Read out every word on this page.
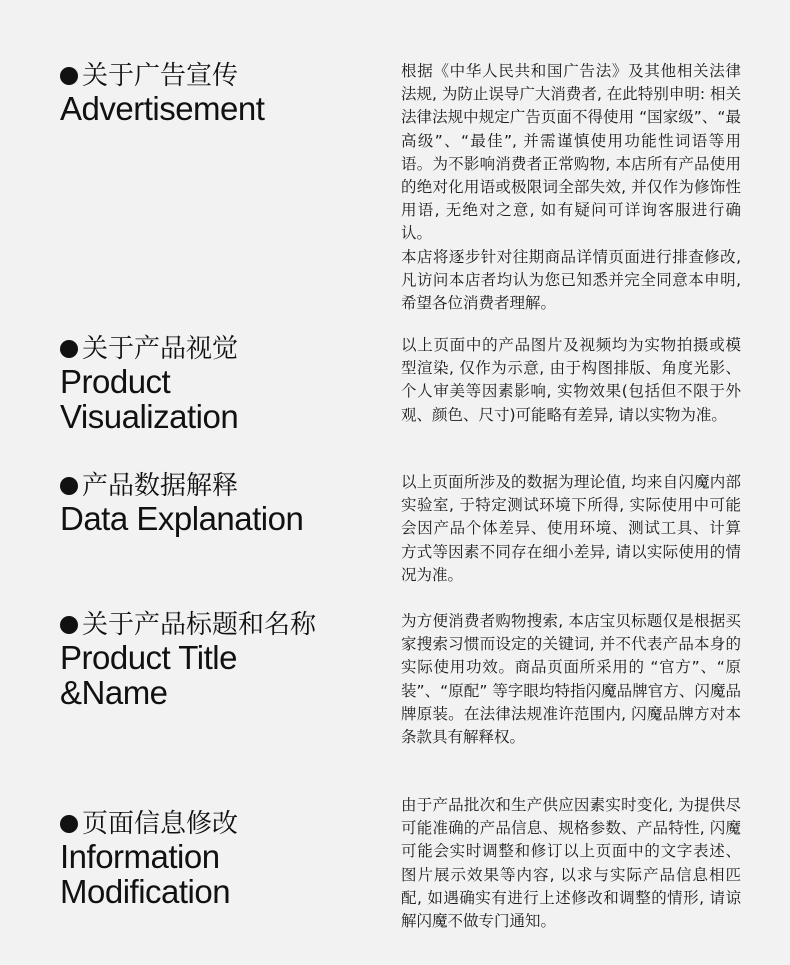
关于广告宣传
Advertisement
根据《中华人民共和国广告法》及其他相关法律法规, 为防止误导广大消费者, 在此特别申明: 相关法律法规中规定广告页面不得使用 “国家级”、“最高级”、“最佳”, 并需谨慎使用功能性词语等用语。为不影响消费者正常购物, 本店所有产品使用的绝对化用语或极限词全部失效, 并仅作为修饰性用语, 无绝对之意, 如有疑问可详询客服进行确认。
本店将逐步针对往期商品详情页面进行排查修改, 凡访问本店者均认为您已知悉并完全同意本申明, 希望各位消费者理解。
关于产品视觉
Product
Visualization
以上页面中的产品图片及视频均为实物拍摄或模型渲染, 仅作为示意, 由于构图排版、角度光影、个人审美等因素影响, 实物效果(包括但不限于外观、颜色、尺寸)可能略有差异, 请以实物为准。
产品数据解释
Data Explanation
以上页面所涉及的数据为理论值, 均来自闪魔内部实验室, 于特定测试环境下所得, 实际使用中可能会因产品个体差异、使用环境、测试工具、计算方式等因素不同存在细小差异, 请以实际使用的情况为准。
关于产品标题和名称
Product Title
&Name
为方便消费者购物搜索, 本店宝贝标题仅是根据买家搜索习惯而设定的关键词, 并不代表产品本身的实际使用功效。商品页面所采用的 “官方”、“原装”、“原配” 等字眼均特指闪魔品牌官方、闪魔品牌原装。在法律法规准许范围内, 闪魔品牌方对本条款具有解释权。
页面信息修改
Information
Modification
由于产品批次和生产供应因素实时变化, 为提供尽可能准确的产品信息、规格参数、产品特性, 闪魔可能会实时调整和修订以上页面中的文字表述、图片展示效果等内容, 以求与实际产品信息相匹配, 如遇确实有进行上述修改和调整的情形, 请谅解闪魔不做专门通知。
